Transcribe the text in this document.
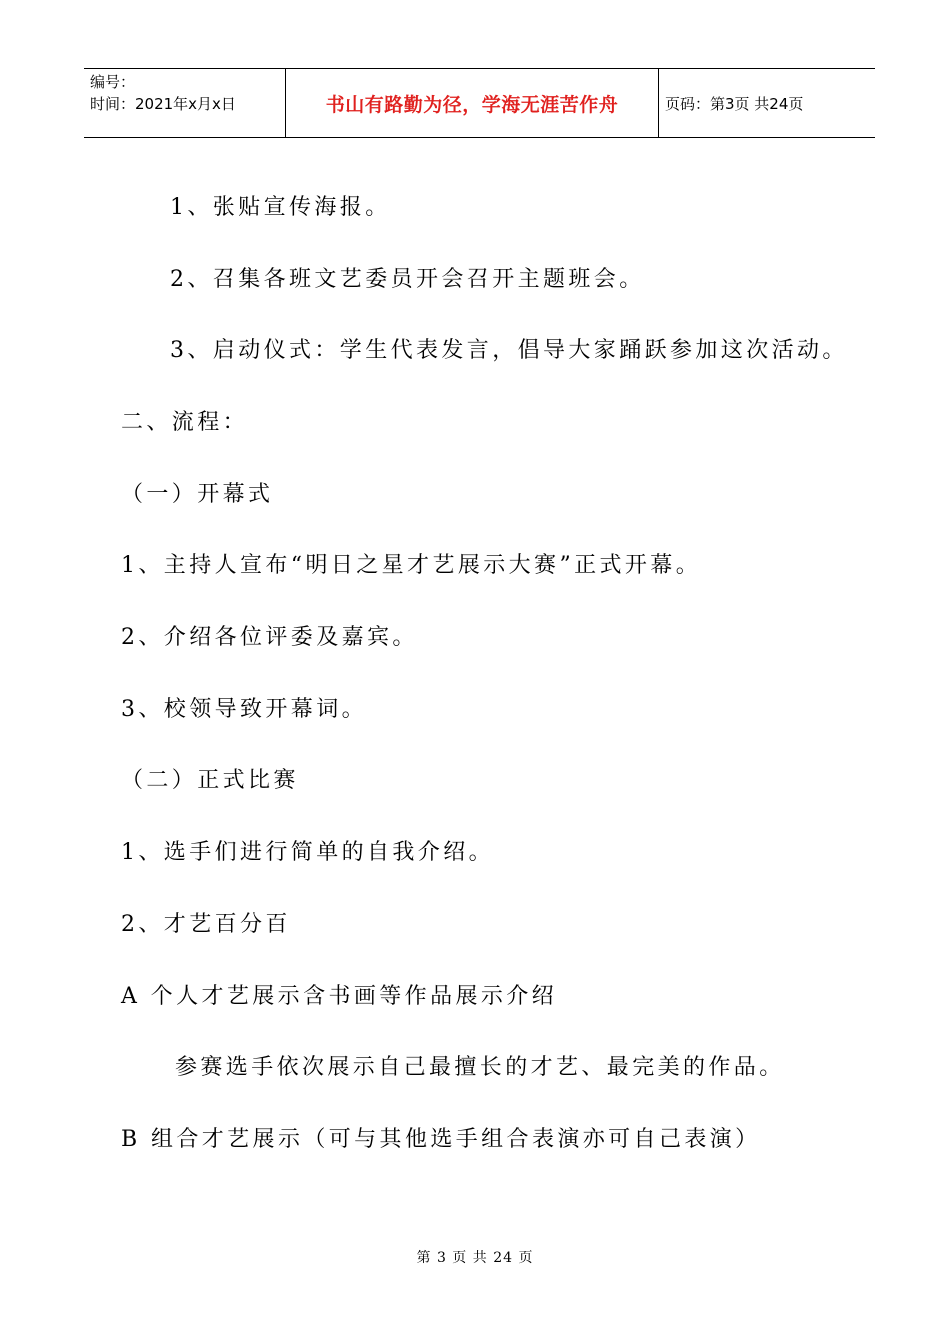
编号：
时间：2021年x月x日	书山有路勤为径，学海无涯苦作舟	页码：第3页 共24页
1、张贴宣传海报。
2、召集各班文艺委员开会召开主题班会。
3、启动仪式：学生代表发言，倡导大家踊跃参加这次活动。
二、流程：
（一）开幕式
1、主持人宣布“明日之星才艺展示大赛”正式开幕。
2、介绍各位评委及嘉宾。
3、校领导致开幕词。
（二）正式比赛
1、选手们进行简单的自我介绍。
2、才艺百分百
A 个人才艺展示含书画等作品展示介绍
参赛选手依次展示自己最擅长的才艺、最完美的作品。
B 组合才艺展示（可与其他选手组合表演亦可自己表演）
第 3 页 共 24 页
